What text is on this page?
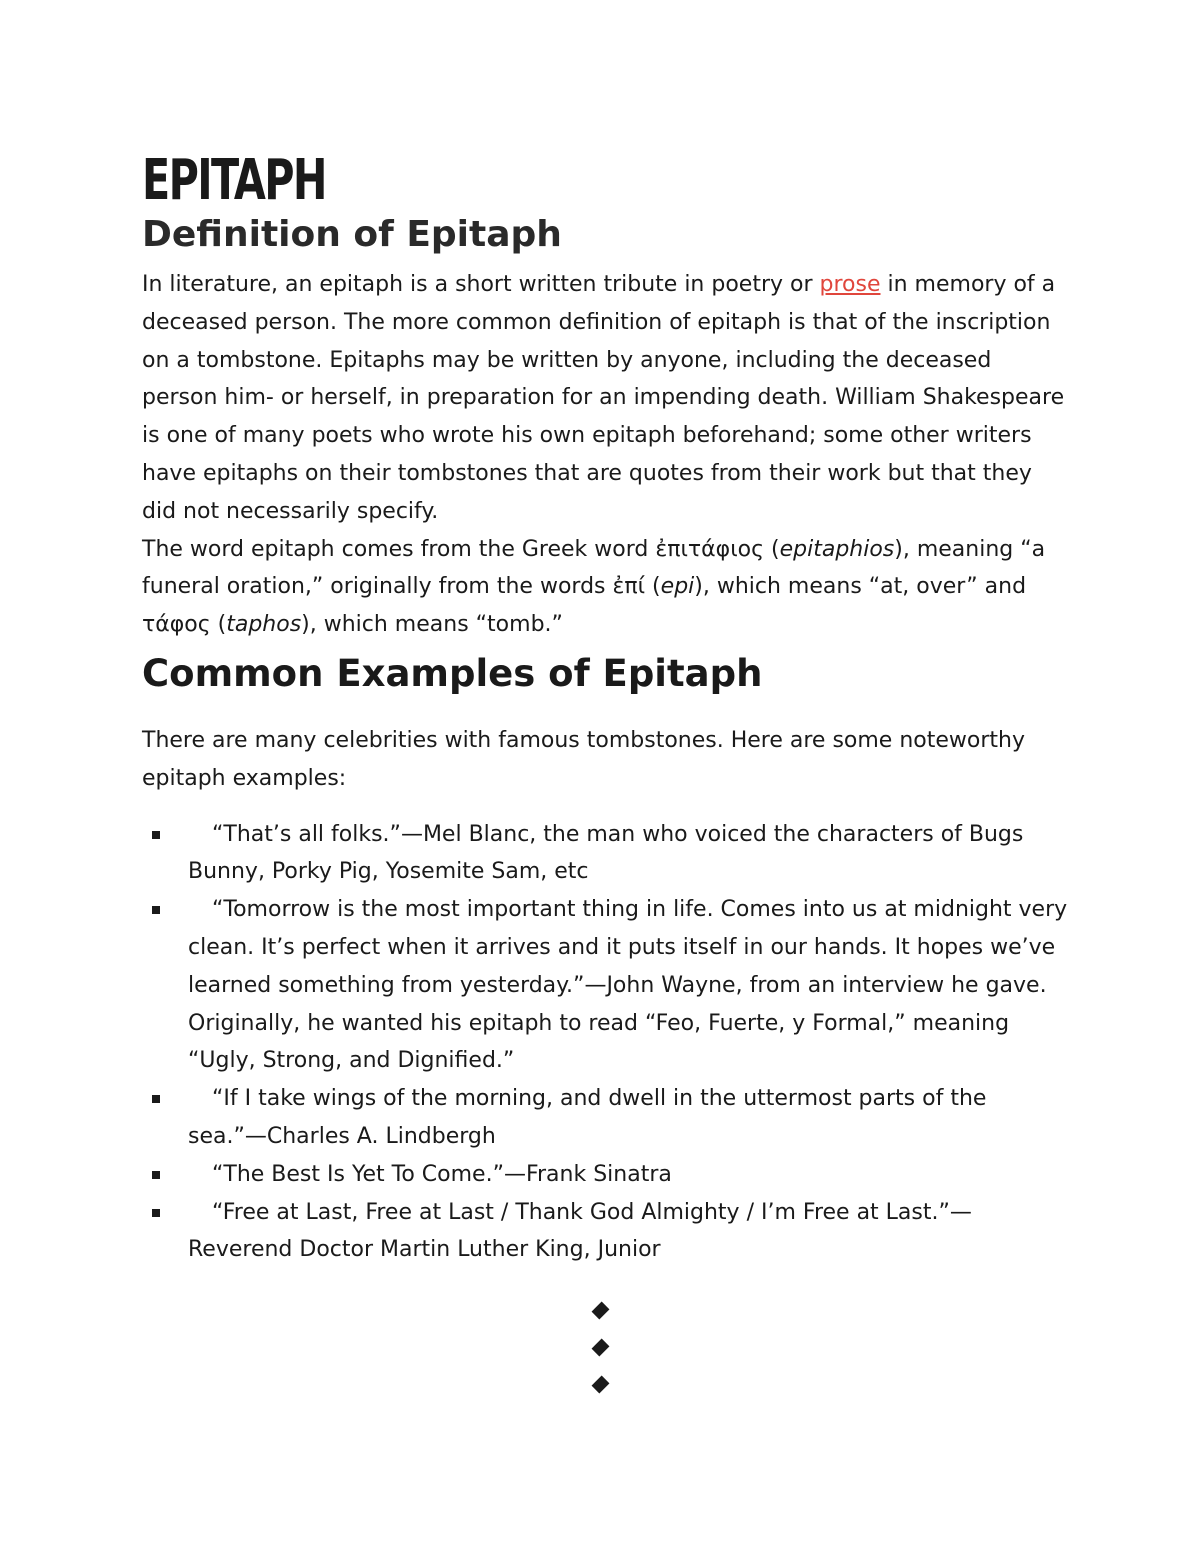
EPITAPH
Definition of Epitaph

In literature, an epitaph is a short written tribute in poetry or prose in memory of a deceased person. The more common definition of epitaph is that of the inscription on a tombstone. Epitaphs may be written by anyone, including the deceased person him- or herself, in preparation for an impending death. William Shakespeare is one of many poets who wrote his own epitaph beforehand; some other writers have epitaphs on their tombstones that are quotes from their work but that they did not necessarily specify.

The word epitaph comes from the Greek word ἐπιτάφιος (epitaphios), meaning “a funeral oration,” originally from the words ἐπί (epi), which means “at, over” and τάφος (taphos), which means “tomb.”

Common Examples of Epitaph

There are many celebrities with famous tombstones. Here are some noteworthy epitaph examples:

“That’s all folks.”—Mel Blanc, the man who voiced the characters of Bugs Bunny, Porky Pig, Yosemite Sam, etc
“Tomorrow is the most important thing in life. Comes into us at midnight very clean. It’s perfect when it arrives and it puts itself in our hands. It hopes we’ve learned something from yesterday.”—John Wayne, from an interview he gave. Originally, he wanted his epitaph to read “Feo, Fuerte, y Formal,” meaning “Ugly, Strong, and Dignified.”
“If I take wings of the morning, and dwell in the uttermost parts of the sea.”—Charles A. Lindbergh
“The Best Is Yet To Come.”—Frank Sinatra
“Free at Last, Free at Last / Thank God Almighty / I’m Free at Last.”—Reverend Doctor Martin Luther King, Junior
